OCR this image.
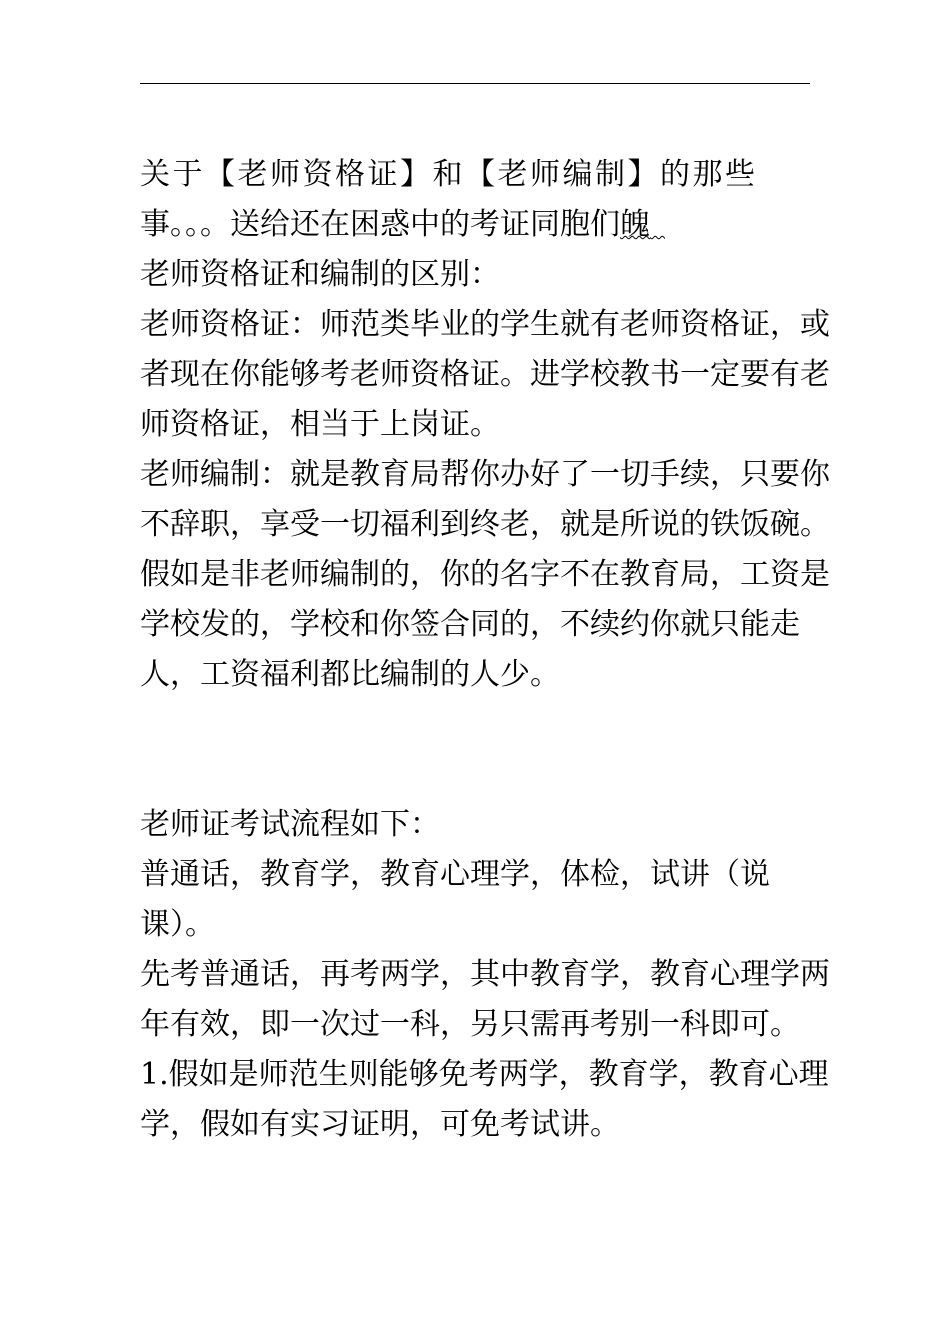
关于【老师资格证】和【老师编制】的那些

事。。。送给还在困惑中的考证同胞们魄 

老师资格证和编制的区别：

老师资格证：师范类毕业的学生就有老师资格证，或者现在你能够考老师资格证。进学校教书一定要有老师资格证，相当于上岗证。

老师编制：就是教育局帮你办好了一切手续，只要你不辞职，享受一切福利到终老，就是所说的铁饭碗。假如是非老师编制的，你的名字不在教育局，工资是学校发的，学校和你签合同的，不续约你就只能走人，工资福利都比编制的人少。

老师证考试流程如下：

普通话，教育学，教育心理学，体检，试讲（说课）。

先考普通话，再考两学，其中教育学，教育心理学两年有效，即一次过一科，另只需再考别一科即可。

1.假如是师范生则能够免考两学，教育学，教育心理学，假如有实习证明，可免考试讲。
